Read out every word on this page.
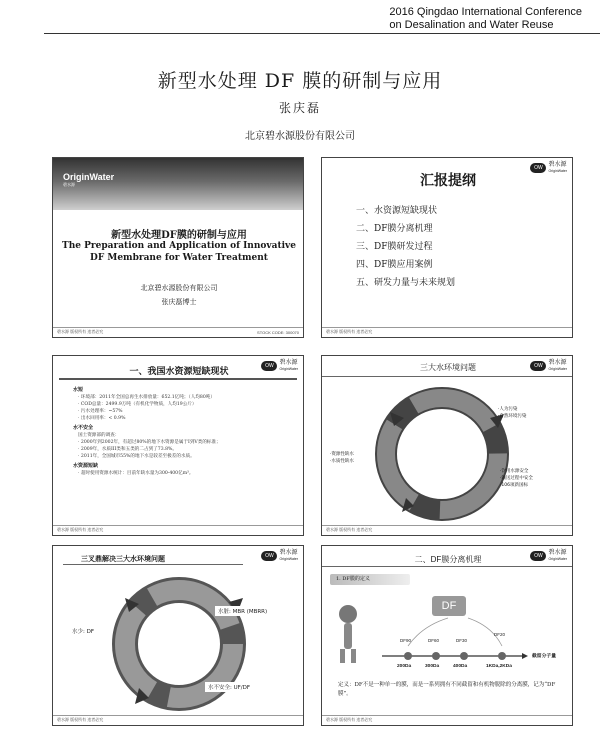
2016 Qingdao International Conference
on Desalination and Water Reuse
新型水处理 DF 膜的研制与应用
张庆磊
北京碧水源股份有限公司
OriginWater
碧水源
新型水处理DF膜的研制与应用
The Preparation and Application of Innovative
DF Membrane for Water Treatment
北京碧水源股份有限公司
张庆磊博士
碧水源 版权所有 违者必究	STOCK CODE: 300070
OW 碧水源
OriginWater
汇报提纲
一、水资源短缺现状
二、DF膜分离机理
三、DF膜研发过程
四、DF膜应用案例
五、研发力量与未来规划
碧水源 版权所有 违者必究
OW 碧水源
OriginWater
一、我国水资源短缺现状
水短
· 环境部：2011年全国总再生水排放量：652.1亿吨；（人均80吨）
· COD总量：2499.9万吨（有机化学物质，人均19公斤）
· 污水处理率：~57%
· 出水回用率：< 0.9%
水不安全
国土资源部的调查：
· 2000年到2002年，有超过80%的地下水资源是属于I到V类的标准；
· 2009年，水质III类和五类的二占到了73.8%。
· 2011年，全国城市55%的地下水是较差至极差的水质。
水资源短缺
· 超时使用资源水统计：目前年缺水量为300-400亿m³。
碧水源 版权所有 违者必究
OW 碧水源
OriginWater
三大水环境问题
·人为污染
·自然环境污染
·资源性缺水
·水质性缺水
·饮用水源安全
·输送过程中安全
·106项新国标
碧水源 版权所有 违者必究
OW 碧水源
OriginWater
三叉鼎解决三大水环境问题
水少: DF
水脏: MBR (MBRR)
水不安全: UF/DF
碧水源 版权所有 违者必究
OW 碧水源
OriginWater
二、DF膜分离机理
1. DF膜的定义
DF
DF90	DF60	DF30
DF20
200Da	300Da	400Da	1KDa,2KDa
截留分子量
定义：DF不是一种单一的膜，而是一系列拥有不同截留和有机物脱除的分离膜，记为“DF膜”。
碧水源 版权所有 违者必究
